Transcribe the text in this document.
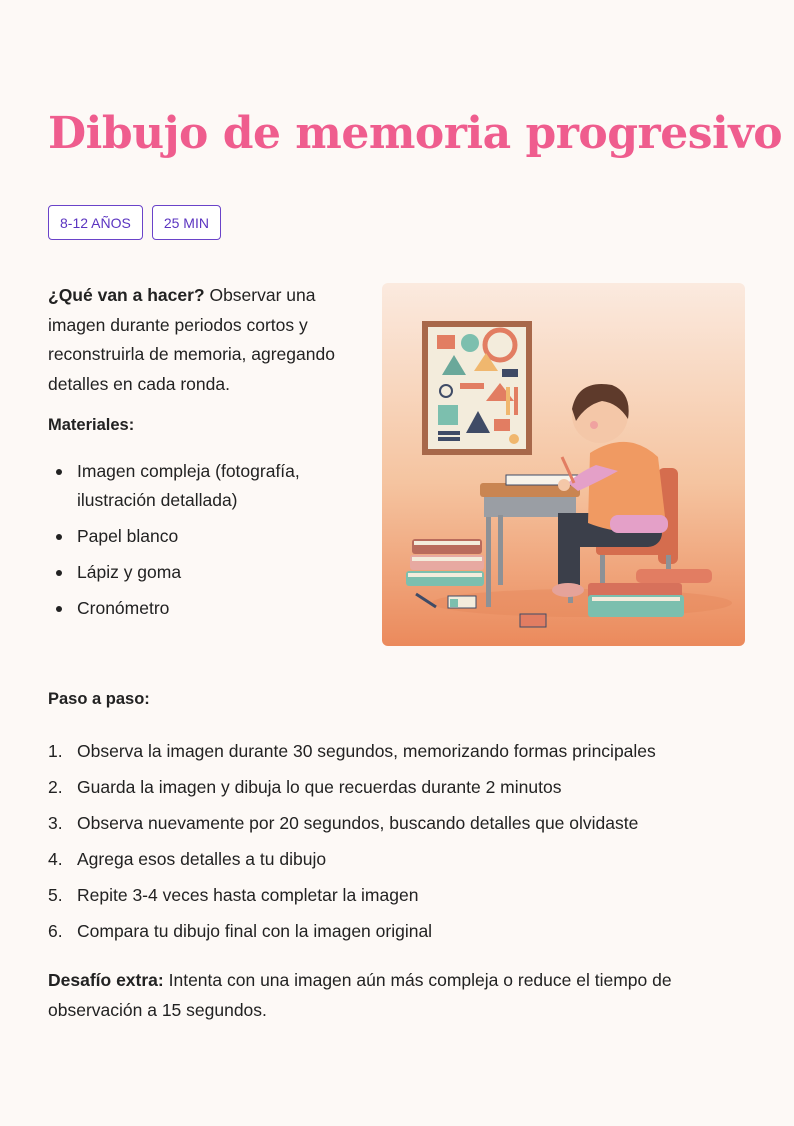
Dibujo de memoria progresivo
8-12 AÑOS	25 MIN

¿Qué van a hacer? Observar una imagen durante periodos cortos y reconstruirla de memoria, agregando detalles en cada ronda.

Materiales:

Imagen compleja (fotografía, ilustración detallada)
Papel blanco
Lápiz y goma
Cronómetro

Paso a paso:

1. Observa la imagen durante 30 segundos, memorizando formas principales
2. Guarda la imagen y dibuja lo que recuerdas durante 2 minutos
3. Observa nuevamente por 20 segundos, buscando detalles que olvidaste
4. Agrega esos detalles a tu dibujo
5. Repite 3-4 veces hasta completar la imagen
6. Compara tu dibujo final con la imagen original

Desafío extra: Intenta con una imagen aún más compleja o reduce el tiempo de observación a 15 segundos.
